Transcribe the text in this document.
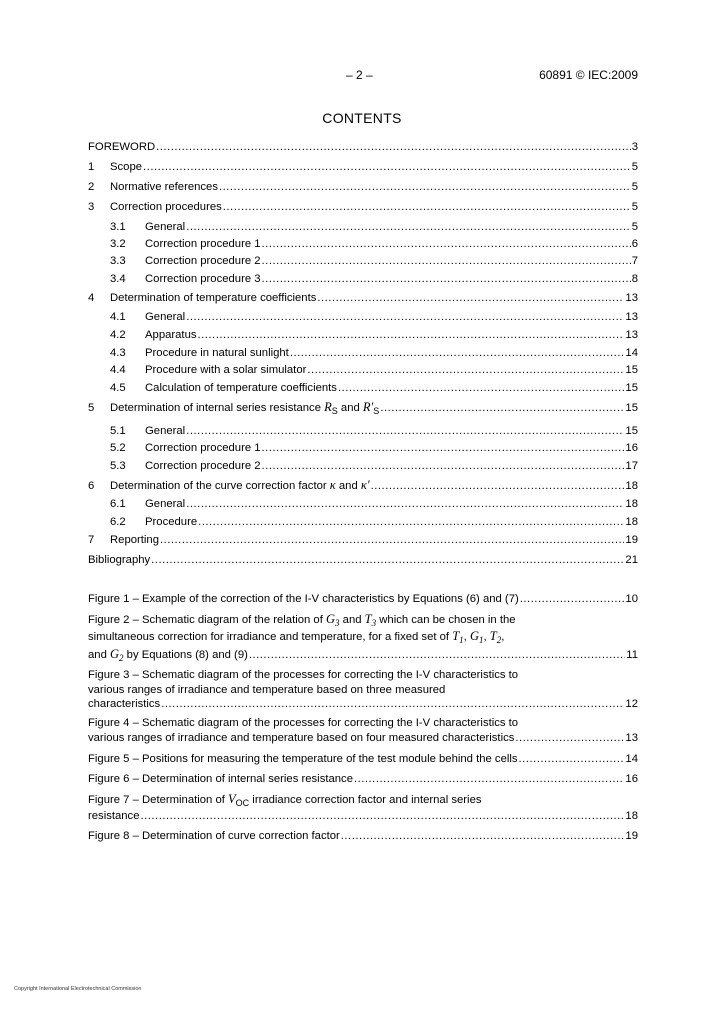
– 2 –	60891 © IEC:2009
CONTENTS
FOREWORD .....	3
1	Scope .....	5
2	Normative references .....	5
3	Correction procedures .....	5
3.1	General .....	5
3.2	Correction procedure 1 .....	6
3.3	Correction procedure 2 .....	7
3.4	Correction procedure 3 .....	8
4	Determination of temperature coefficients .....	13
4.1	General .....	13
4.2	Apparatus .....	13
4.3	Procedure in natural sunlight .....	14
4.4	Procedure with a solar simulator .....	15
4.5	Calculation of temperature coefficients .....	15
5	Determination of internal series resistance $R_S$ and $R'_S$ .....	15
5.1	General .....	15
5.2	Correction procedure 1 .....	16
5.3	Correction procedure 2 .....	17
6	Determination of the curve correction factor κ and κ′ .....	18
6.1	General .....	18
6.2	Procedure .....	18
7	Reporting .....	19
Bibliography .....	21
Figure 1 – Example of the correction of the I-V characteristics by Equations (6) and (7) .....	10
Figure 2 – Schematic diagram of the relation of $G_3$ and $T_3$ which can be chosen in the
simultaneous correction for irradiance and temperature, for a fixed set of $T_1$, $G_1$, $T_2$,
and $G_2$ by Equations (8) and (9) .....	11
Figure 3 – Schematic diagram of the processes for correcting the I-V characteristics to
various ranges of irradiance and temperature based on three measured
characteristics .....	12
Figure 4 – Schematic diagram of the processes for correcting the I-V characteristics to
various ranges of irradiance and temperature based on four measured characteristics .....	13
Figure 5 – Positions for measuring the temperature of the test module behind the cells .....	14
Figure 6 – Determination of internal series resistance .....	16
Figure 7 – Determination of $V_{OC}$ irradiance correction factor and internal series
resistance .....	18
Figure 8 – Determination of curve correction factor .....	19
Copyright International Electrotechnical Commission
